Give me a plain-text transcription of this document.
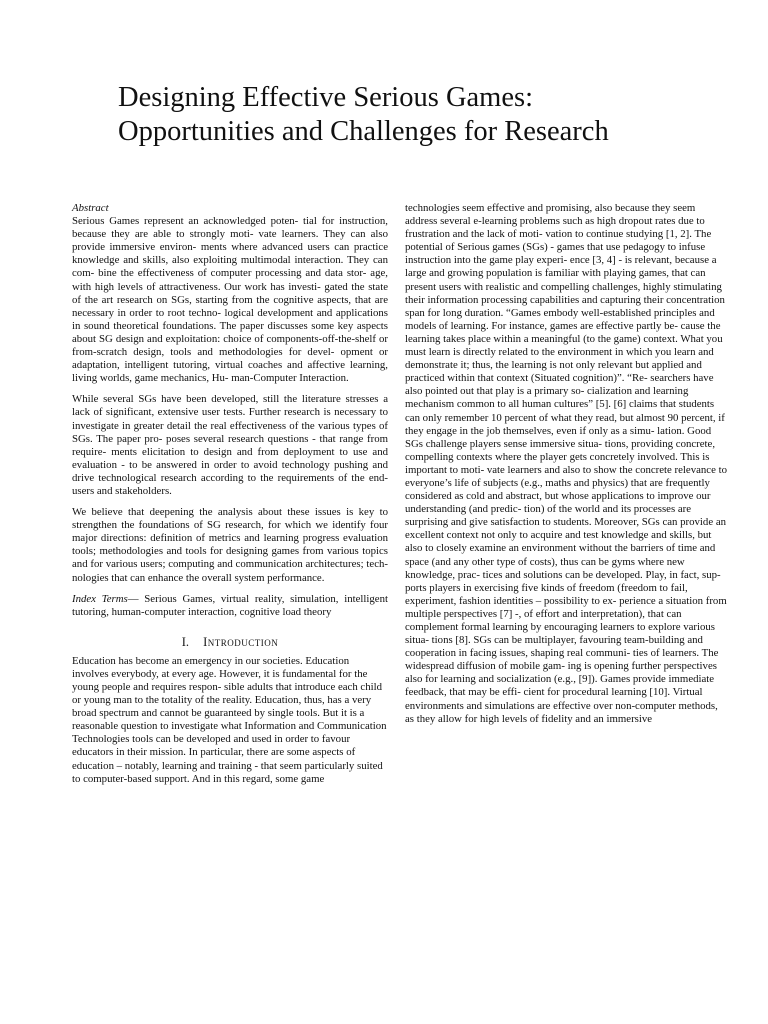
Designing Effective Serious Games:
Opportunities and Challenges for Research
Abstract

Serious Games represent an acknowledged poten- tial for instruction, because they are able to strongly moti- vate learners. They can also provide immersive environ- ments where advanced users can practice knowledge and skills, also exploiting multimodal interaction. They can com- bine the effectiveness of computer processing and data stor- age, with high levels of attractiveness. Our work has investi- gated the state of the art research on SGs, starting from the cognitive aspects, that are necessary in order to root techno- logical development and applications in sound theoretical foundations. The paper discusses some key aspects about SG design and exploitation: choice of components-off-the-shelf or from-scratch design, tools and methodologies for devel- opment or adaptation, intelligent tutoring, virtual coaches and affective learning, living worlds, game mechanics, Hu- man-Computer Interaction.

While several SGs have been developed, still the literature stresses a lack of significant, extensive user tests. Further research is necessary to investigate in greater detail the real effectiveness of the various types of SGs. The paper pro- poses several research questions - that range from require- ments elicitation to design and from deployment to use and evaluation - to be answered in order to avoid technology pushing and drive technological research according to the requirements of the end-users and stakeholders.

We believe that deepening the analysis about these issues is key to strengthen the foundations of SG research, for which we identify four major directions: definition of metrics and learning progress evaluation tools; methodologies and tools for designing games from various topics and for various users; computing and communication architectures; tech- nologies that can enhance the overall system performance.

Index Terms— Serious Games, virtual reality, simulation, intelligent tutoring, human-computer interaction, cognitive load theory

I. Introduction

Education has become an emergency in our societies. Education involves everybody, at every age. However, it is fundamental for the young people and requires respon- sible adults that introduce each child or young man to the totality of the reality. Education, thus, has a very broad spectrum and cannot be guaranteed by single tools. But it is a reasonable question to investigate what Information and Communication Technologies tools can be developed and used in order to favour educators in their mission. In particular, there are some aspects of education – notably, learning and training - that seem particularly suited to computer-based support. And in this regard, some game

technologies seem effective and promising, also because they seem address several e-learning problems such as high dropout rates due to frustration and the lack of moti- vation to continue studying [1, 2]. The potential of Serious games (SGs) - games that use pedagogy to infuse instruction into the game play experi- ence [3, 4] - is relevant, because a large and growing population is familiar with playing games, that can present users with realistic and compelling challenges, highly stimulating their information processing capabilities and capturing their concentration span for long duration. “Games embody well-established principles and models of learning. For instance, games are effective partly be- cause the learning takes place within a meaningful (to the game) context. What you must learn is directly related to the environment in which you learn and demonstrate it; thus, the learning is not only relevant but applied and practiced within that context (Situated cognition)”. “Re- searchers have also pointed out that play is a primary so- cialization and learning mechanism common to all human cultures” [5]. [6] claims that students can only remember 10 percent of what they read, but almost 90 percent, if they engage in the job themselves, even if only as a simu- lation. Good SGs challenge players sense immersive situa- tions, providing concrete, compelling contexts where the player gets concretely involved. This is important to moti- vate learners and also to show the concrete relevance to everyone’s life of subjects (e.g., maths and physics) that are frequently considered as cold and abstract, but whose applications to improve our understanding (and predic- tion) of the world and its processes are surprising and give satisfaction to students. Moreover, SGs can provide an excellent context not only to acquire and test knowledge and skills, but also to closely examine an environment without the barriers of time and space (and any other type of costs), thus can be gyms where new knowledge, prac- tices and solutions can be developed. Play, in fact, sup- ports players in exercising five kinds of freedom (freedom to fail, experiment, fashion identities – possibility to ex- perience a situation from multiple perspectives [7] -, of effort and interpretation), that can complement formal learning by encouraging learners to explore various situa- tions [8]. SGs can be multiplayer, favouring team-building and cooperation in facing issues, shaping real communi- ties of learners. The widespread diffusion of mobile gam- ing is opening further perspectives also for learning and socialization (e.g., [9]). Games provide immediate feedback, that may be effi- cient for procedural learning [10]. Virtual environments and simulations are effective over non-computer methods, as they allow for high levels of fidelity and an immersive
